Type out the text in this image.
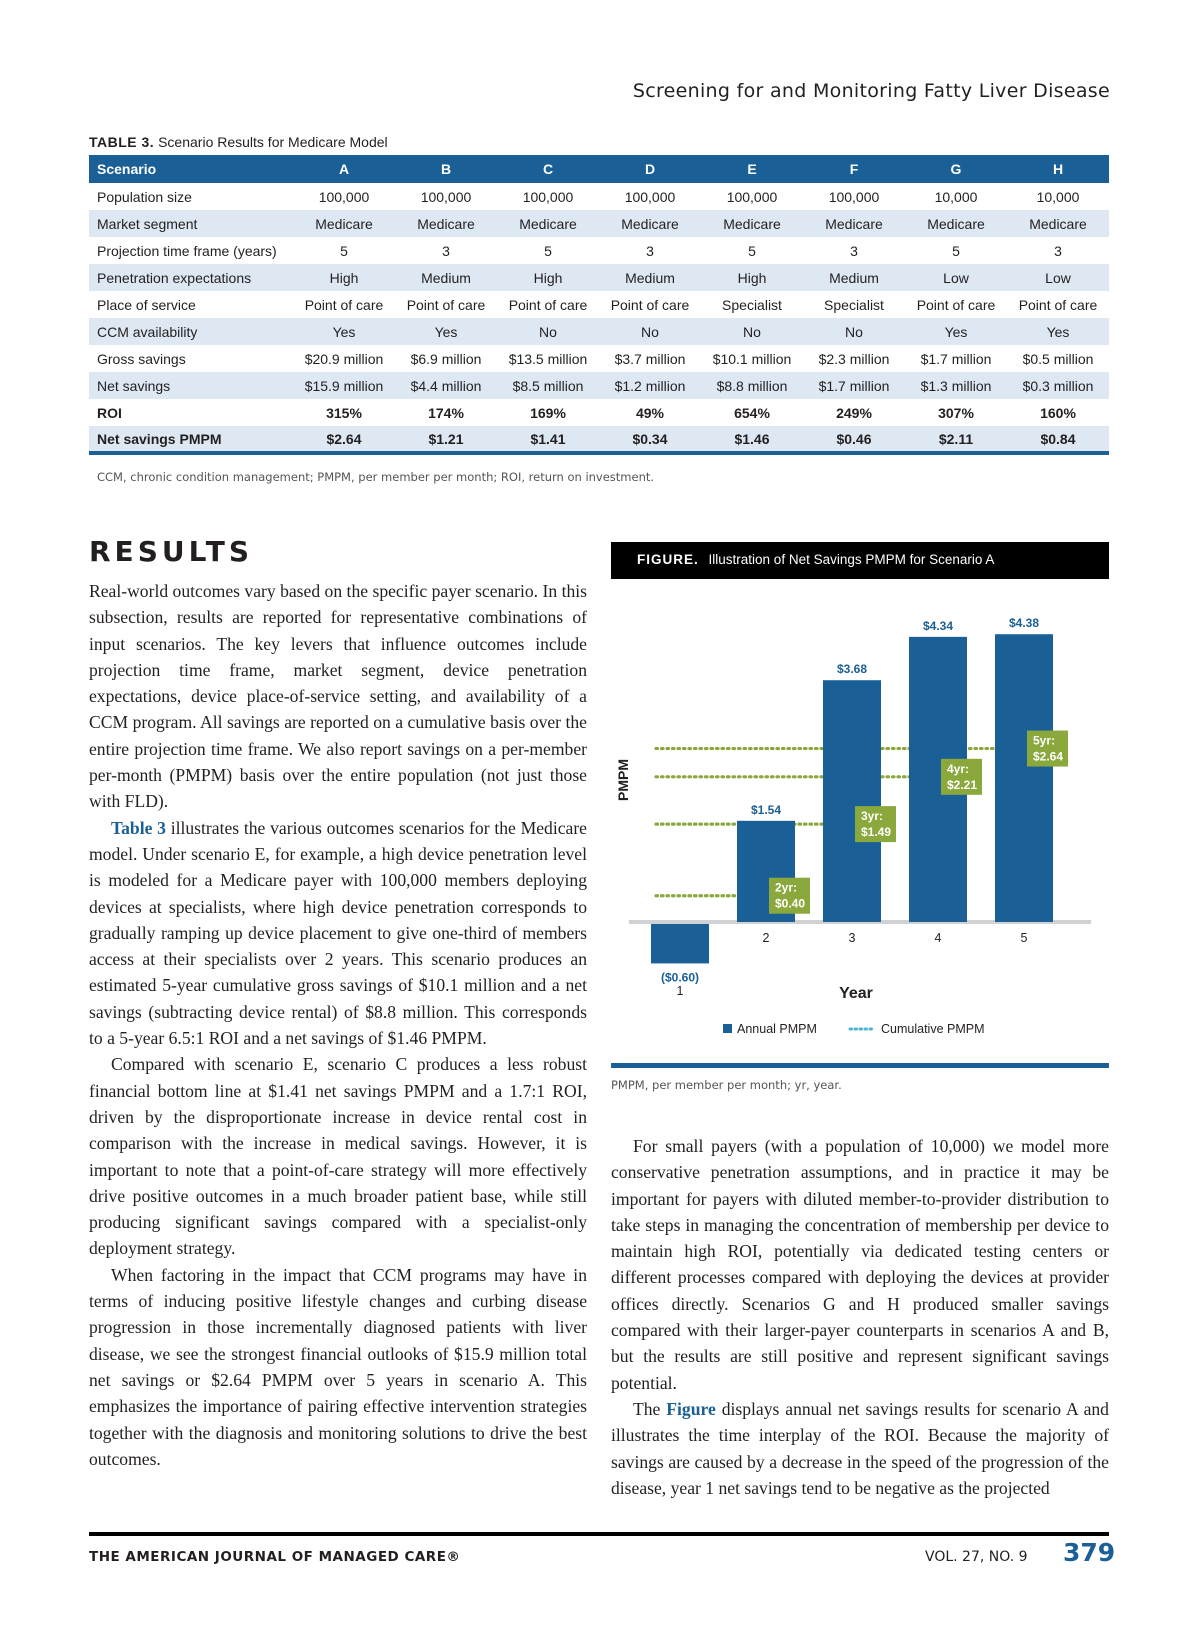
Screening for and Monitoring Fatty Liver Disease
TABLE 3. Scenario Results for Medicare Model
Scenario	A	B	C	D	E	F	G	H
Population size	100,000	100,000	100,000	100,000	100,000	100,000	10,000	10,000
Market segment	Medicare	Medicare	Medicare	Medicare	Medicare	Medicare	Medicare	Medicare
Projection time frame (years)	5	3	5	3	5	3	5	3
Penetration expectations	High	Medium	High	Medium	High	Medium	Low	Low
Place of service	Point of care	Point of care	Point of care	Point of care	Specialist	Specialist	Point of care	Point of care
CCM availability	Yes	Yes	No	No	No	No	Yes	Yes
Gross savings	$20.9 million	$6.9 million	$13.5 million	$3.7 million	$10.1 million	$2.3 million	$1.7 million	$0.5 million
Net savings	$15.9 million	$4.4 million	$8.5 million	$1.2 million	$8.8 million	$1.7 million	$1.3 million	$0.3 million
ROI	315%	174%	169%	49%	654%	249%	307%	160%
Net savings PMPM	$2.64	$1.21	$1.41	$0.34	$1.46	$0.46	$2.11	$0.84
CCM, chronic condition management; PMPM, per member per month; ROI, return on investment.
RESULTS

Real-world outcomes vary based on the specific payer scenario. In this subsection, results are reported for representative combinations of input scenarios. The key levers that influence outcomes include projection time frame, market segment, device penetration expectations, device place-of-service setting, and availability of a CCM program. All savings are reported on a cumulative basis over the entire projection time frame. We also report savings on a per-member per-month (PMPM) basis over the entire population (not just those with FLD).

Table 3 illustrates the various outcomes scenarios for the Medicare model. Under scenario E, for example, a high device penetration level is modeled for a Medicare payer with 100,000 members deploying devices at specialists, where high device penetration corresponds to gradually ramping up device placement to give one-third of members access at their specialists over 2 years. This scenario produces an estimated 5-year cumulative gross savings of $10.1 million and a net savings (subtracting device rental) of $8.8 million. This corresponds to a 5-year 6.5:1 ROI and a net savings of $1.46 PMPM.

Compared with scenario E, scenario C produces a less robust financial bottom line at $1.41 net savings PMPM and a 1.7:1 ROI, driven by the disproportionate increase in device rental cost in comparison with the increase in medical savings. However, it is important to note that a point-of-care strategy will more effectively drive positive outcomes in a much broader patient base, while still producing significant savings compared with a specialist-only deployment strategy.

When factoring in the impact that CCM programs may have in terms of inducing positive lifestyle changes and curbing disease progression in those incrementally diagnosed patients with liver disease, we see the strongest financial outlooks of $15.9 million total net savings or $2.64 PMPM over 5 years in scenario A. This emphasizes the importance of pairing effective intervention strategies together with the diagnosis and monitoring solutions to drive the best outcomes.

FIGURE. Illustration of Net Savings PMPM for Scenario A
($0.60)
1
$1.54
2
$3.68
3
$4.34
4
$4.38
5
2yr:
$0.40
3yr:
$1.49
4yr:
$2.21
5yr:
$2.64
PMPM
Year
Annual PMPM	Cumulative PMPM
PMPM, per member per month; yr, year.

For small payers (with a population of 10,000) we model more conservative penetration assumptions, and in practice it may be important for payers with diluted member-to-provider distribution to take steps in managing the concentration of membership per device to maintain high ROI, potentially via dedicated testing centers or different processes compared with deploying the devices at provider offices directly. Scenarios G and H produced smaller savings compared with their larger-payer counterparts in scenarios A and B, but the results are still positive and represent significant savings potential.

The Figure displays annual net savings results for scenario A and illustrates the time interplay of the ROI. Because the majority of savings are caused by a decrease in the speed of the progression of the disease, year 1 net savings tend to be negative as the projected

THE AMERICAN JOURNAL OF MANAGED CARE®	VOL. 27, NO. 9 379
